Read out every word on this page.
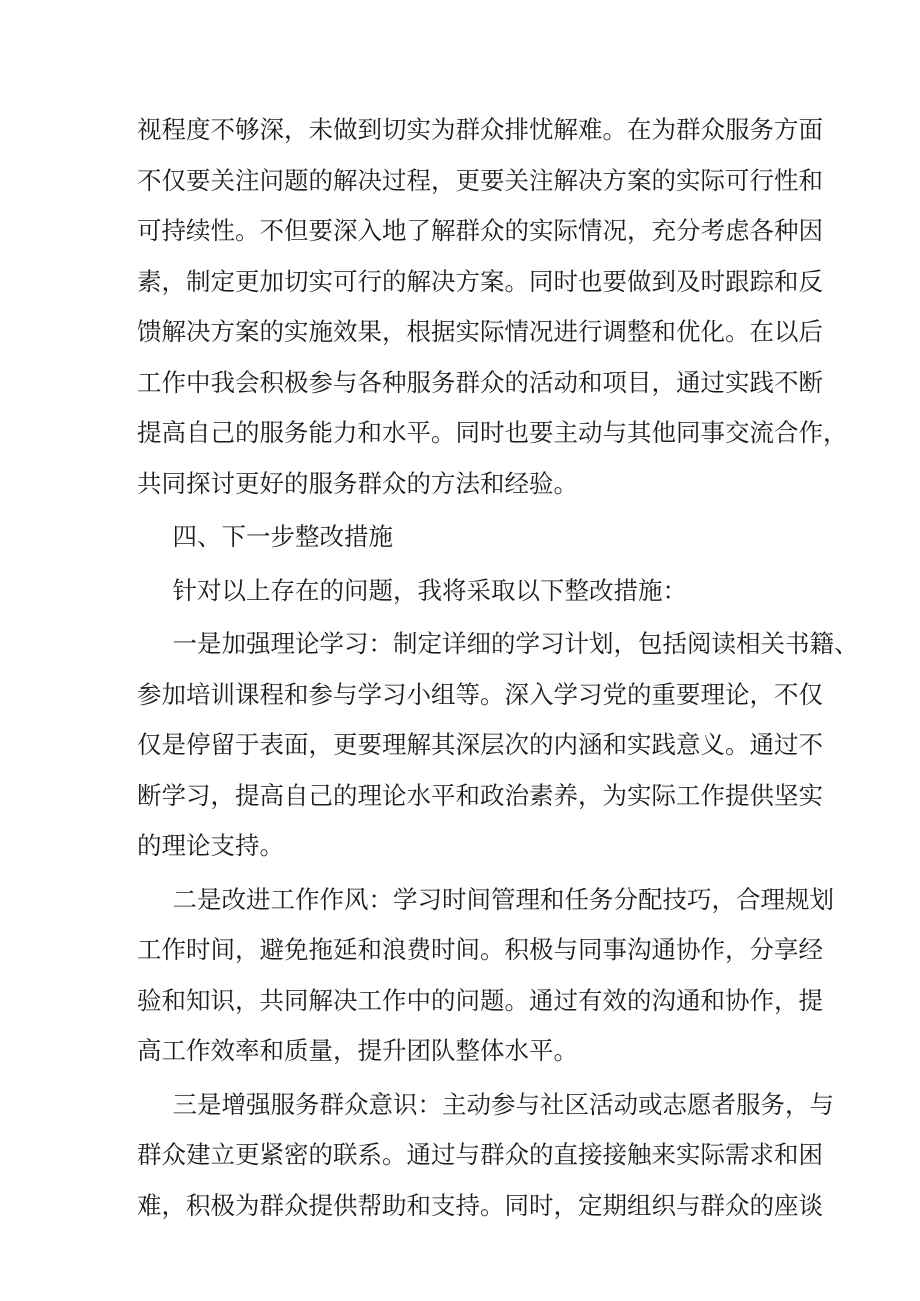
视程度不够深，未做到切实为群众排忧解难。在为群众服务方面
不仅要关注问题的解决过程，更要关注解决方案的实际可行性和
可持续性。不但要深入地了解群众的实际情况，充分考虑各种因
素，制定更加切实可行的解决方案。同时也要做到及时跟踪和反
馈解决方案的实施效果，根据实际情况进行调整和优化。在以后
工作中我会积极参与各种服务群众的活动和项目，通过实践不断
提高自己的服务能力和水平。同时也要主动与其他同事交流合作，
共同探讨更好的服务群众的方法和经验。
四、下一步整改措施
针对以上存在的问题，我将采取以下整改措施：
一是加强理论学习：制定详细的学习计划，包括阅读相关书籍、
参加培训课程和参与学习小组等。深入学习党的重要理论，不仅
仅是停留于表面，更要理解其深层次的内涵和实践意义。通过不
断学习，提高自己的理论水平和政治素养，为实际工作提供坚实
的理论支持。
二是改进工作作风：学习时间管理和任务分配技巧，合理规划
工作时间，避免拖延和浪费时间。积极与同事沟通协作，分享经
验和知识，共同解决工作中的问题。通过有效的沟通和协作，提
高工作效率和质量，提升团队整体水平。
三是增强服务群众意识：主动参与社区活动或志愿者服务，与
群众建立更紧密的联系。通过与群众的直接接触来实际需求和困
难，积极为群众提供帮助和支持。同时，定期组织与群众的座谈
